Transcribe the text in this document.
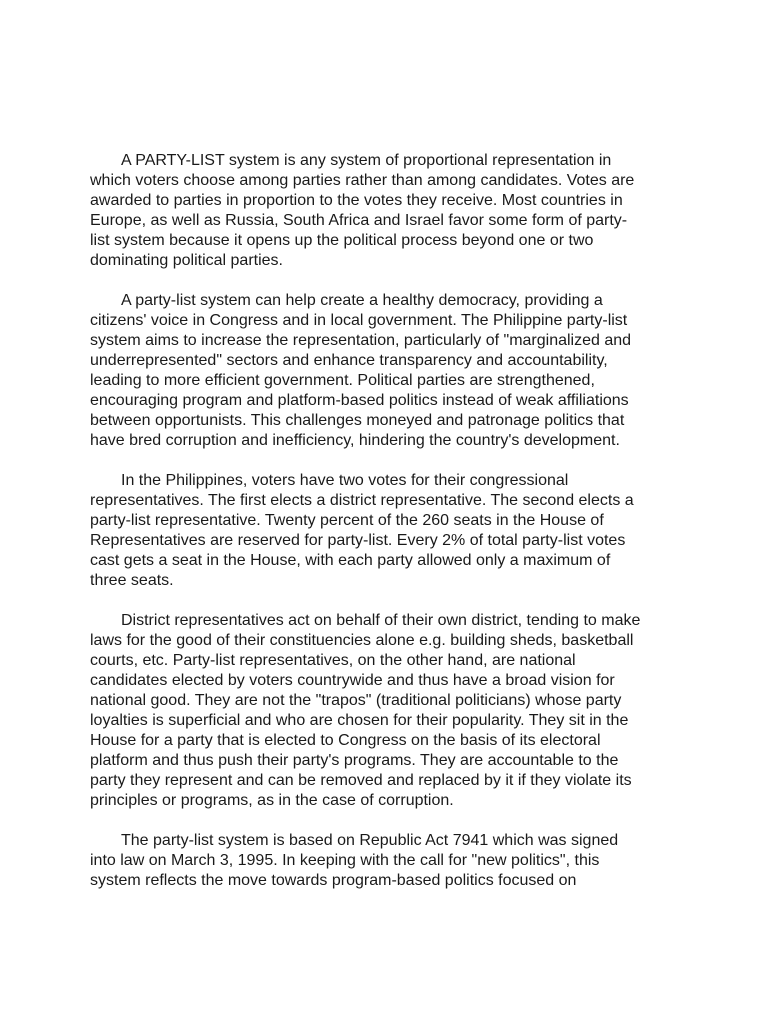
A PARTY-LIST system is any system of proportional representation in
which voters choose among parties rather than among candidates. Votes are
awarded to parties in proportion to the votes they receive. Most countries in
Europe, as well as Russia, South Africa and Israel favor some form of party-
list system because it opens up the political process beyond one or two
dominating political parties.

A party-list system can help create a healthy democracy, providing a
citizens' voice in Congress and in local government. The Philippine party-list
system aims to increase the representation, particularly of "marginalized and
underrepresented" sectors and enhance transparency and accountability,
leading to more efficient government. Political parties are strengthened,
encouraging program and platform-based politics instead of weak affiliations
between opportunists. This challenges moneyed and patronage politics that
have bred corruption and inefficiency, hindering the country's development.

In the Philippines, voters have two votes for their congressional
representatives. The first elects a district representative. The second elects a
party-list representative. Twenty percent of the 260 seats in the House of
Representatives are reserved for party-list. Every 2% of total party-list votes
cast gets a seat in the House, with each party allowed only a maximum of
three seats.

District representatives act on behalf of their own district, tending to make
laws for the good of their constituencies alone e.g. building sheds, basketball
courts, etc. Party-list representatives, on the other hand, are national
candidates elected by voters countrywide and thus have a broad vision for
national good. They are not the "trapos" (traditional politicians) whose party
loyalties is superficial and who are chosen for their popularity. They sit in the
House for a party that is elected to Congress on the basis of its electoral
platform and thus push their party's programs. They are accountable to the
party they represent and can be removed and replaced by it if they violate its
principles or programs, as in the case of corruption.

The party-list system is based on Republic Act 7941 which was signed
into law on March 3, 1995. In keeping with the call for "new politics", this
system reflects the move towards program-based politics focused on
